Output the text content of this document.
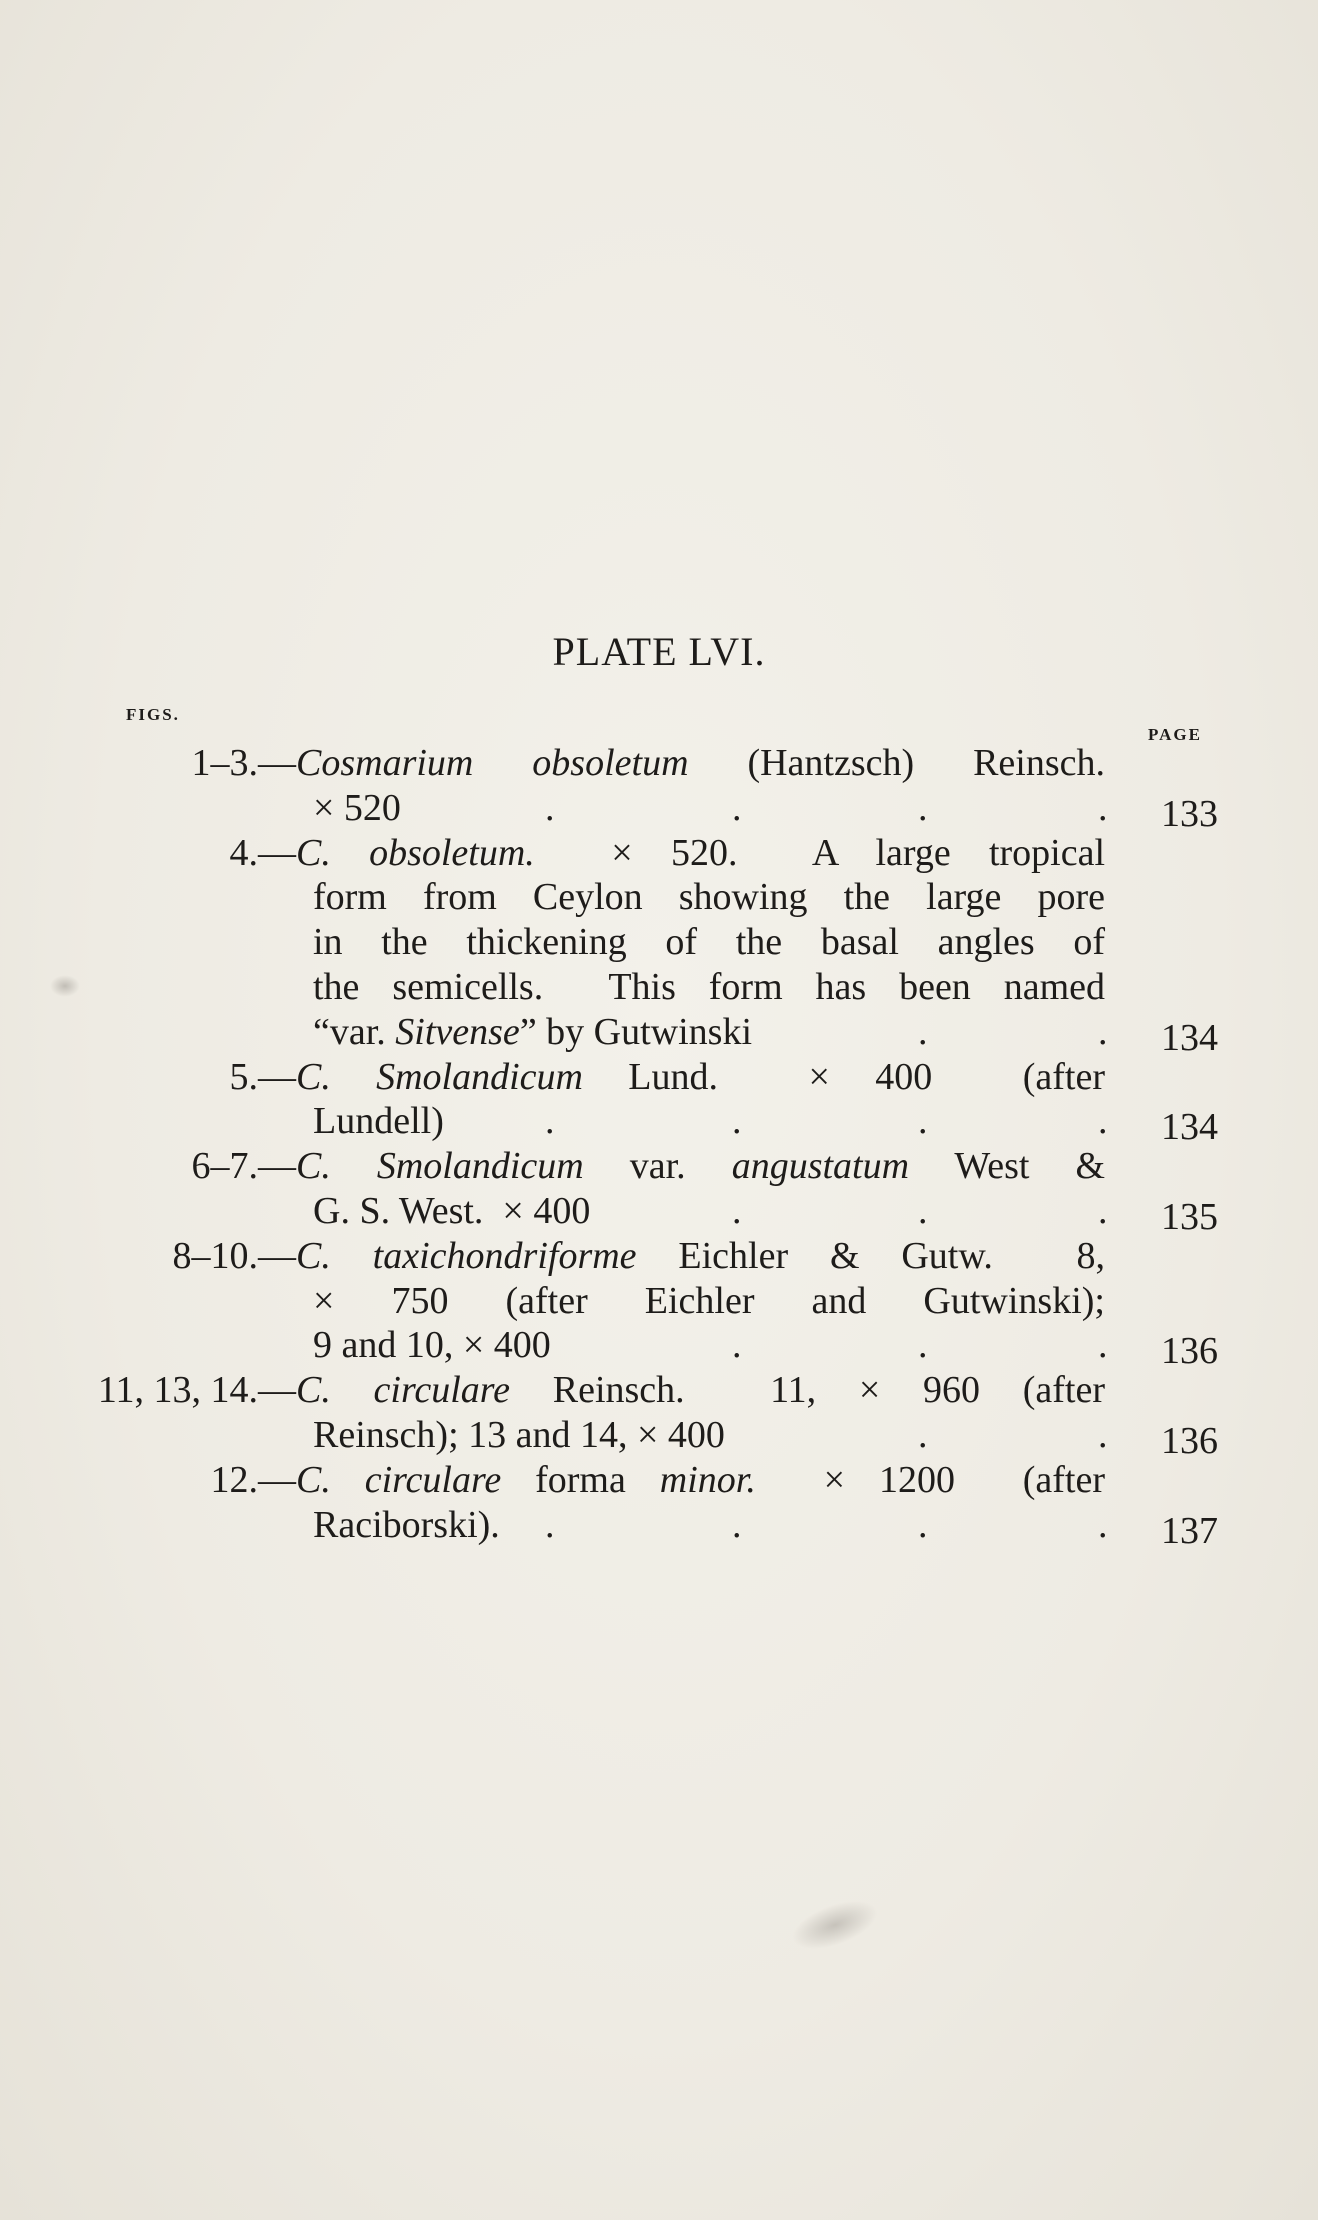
PLATE LVI.
FIGS.
PAGE
1–3.— Cosmarium obsoletum (Hantzsch) Reinsch.
× 520	.	.	.	.	133
4.— C. obsoletum.  × 520.  A large tropical
form from Ceylon showing the large pore
in the thickening of the basal angles of
the semicells.  This form has been named
“var. Sitvense” by Gutwinski	.	.	134
5.— C. Smolandicum Lund.  × 400  (after
Lundell)	.	.	.	.	134
6–7.— C. Smolandicum var. angustatum West &
G. S. West.  × 400	.	.	.	135
8–10.— C. taxichondriforme Eichler & Gutw.  8,
× 750 (after Eichler and Gutwinski);
9 and 10, × 400	.	.	.	136
11, 13, 14.— C. circulare Reinsch.  11, × 960 (after
Reinsch); 13 and 14, × 400	.	.	136
12.— C. circulare forma minor.  × 1200  (after
Raciborski). .	.	.	.	137
